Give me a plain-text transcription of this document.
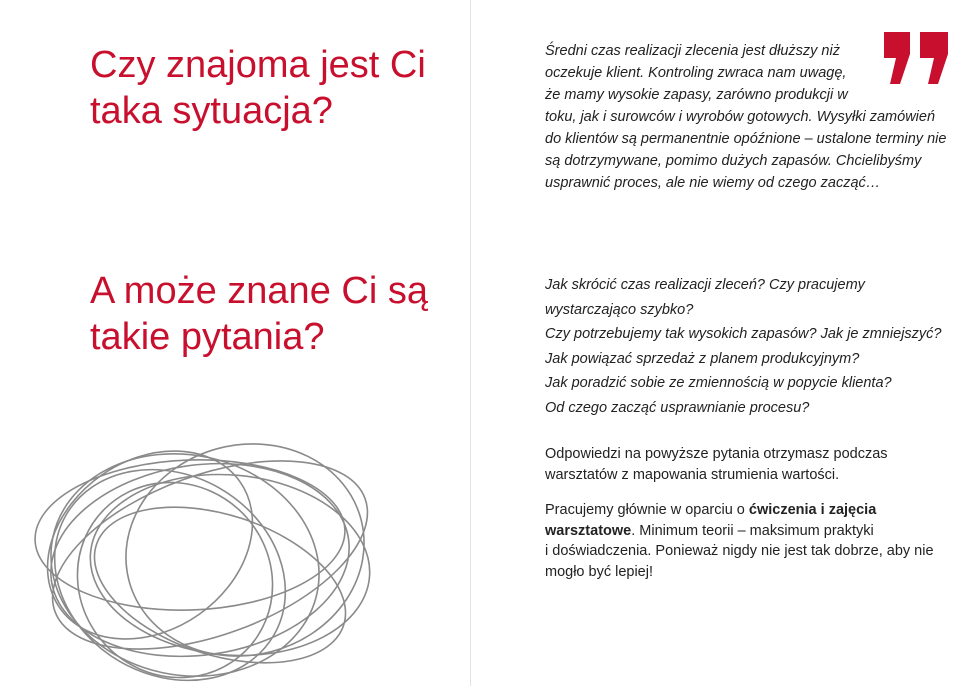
Czy znajoma jest Ci
taka sytuacja?
A może znane Ci są
takie pytania?
Średni czas realizacji zlecenia jest dłuższy niż
oczekuje klient. Kontroling zwraca nam uwagę,
że mamy wysokie zapasy, zarówno produkcji w
toku, jak i surowców i wyrobów gotowych. Wysyłki zamówień
do klientów są permanentnie opóźnione – ustalone terminy nie
są dotrzymywane, pomimo dużych zapasów. Chcielibyśmy
usprawnić proces, ale nie wiemy od czego zacząć…
Jak skrócić czas realizacji zleceń? Czy pracujemy
wystarczająco szybko?
Czy potrzebujemy tak wysokich zapasów? Jak je zmniejszyć?
Jak powiązać sprzedaż z planem produkcyjnym?
Jak poradzić sobie ze zmiennością w popycie klienta?
Od czego zacząć usprawnianie procesu?
Odpowiedzi na powyższe pytania otrzymasz podczas
warsztatów z mapowania strumienia wartości.
Pracujemy głównie w oparciu o ćwiczenia i zajęcia
warsztatowe. Minimum teorii – maksimum praktyki
i doświadczenia. Ponieważ nigdy nie jest tak dobrze, aby nie
mogło być lepiej!
